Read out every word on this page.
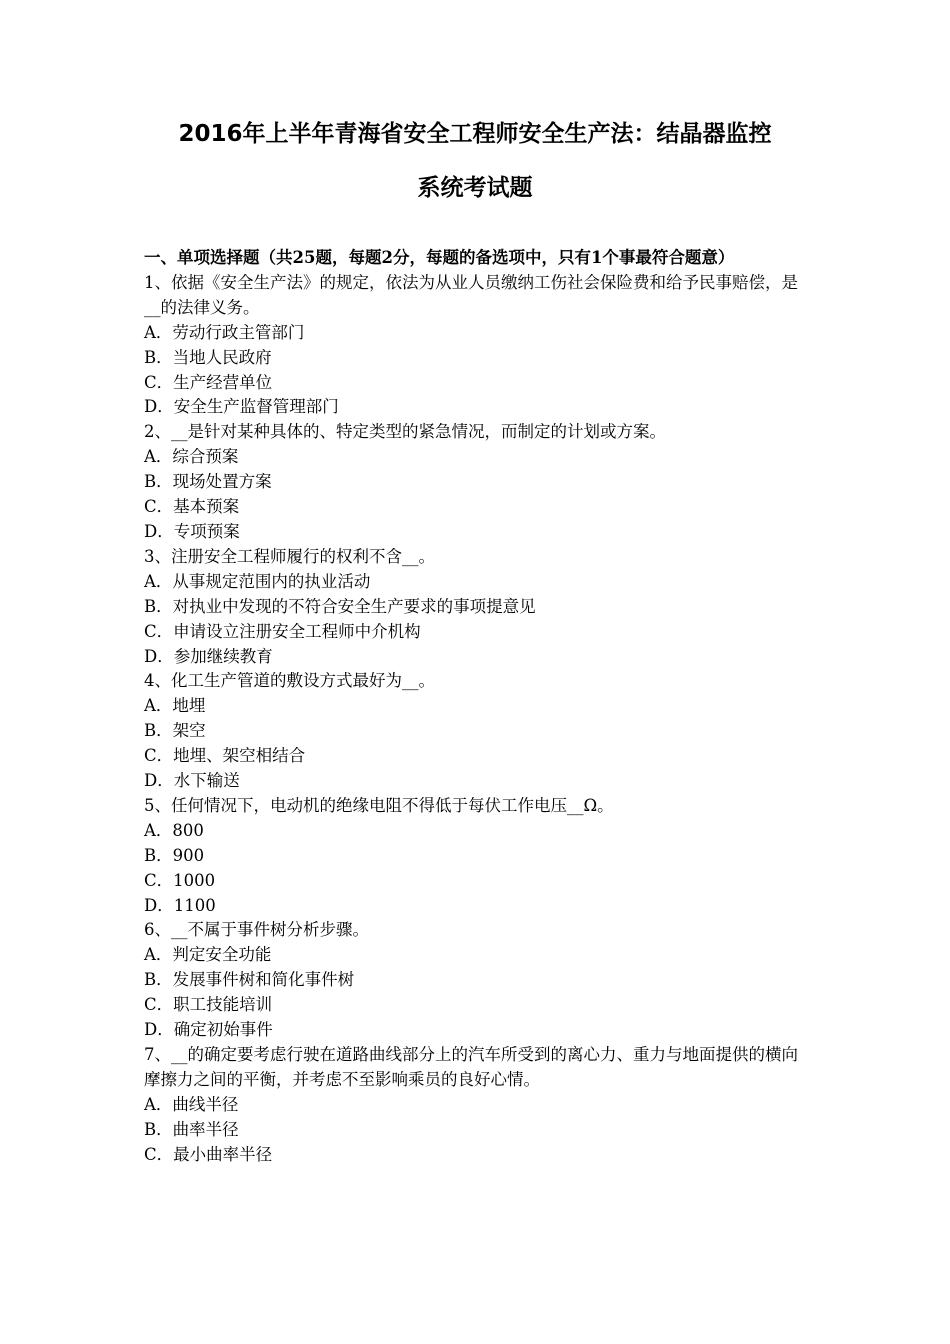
2016年上半年青海省安全工程师安全生产法：结晶器监控
系统考试题

一、单项选择题（共25题，每题2分，每题的备选项中，只有1个事最符合题意）

1、依据《安全生产法》的规定，依法为从业人员缴纳工伤社会保险费和给予民事赔偿，是__的法律义务。

A．劳动行政主管部门

B．当地人民政府

C．生产经营单位

D．安全生产监督管理部门

2、__是针对某种具体的、特定类型的紧急情况，而制定的计划或方案。

A．综合预案

B．现场处置方案

C．基本预案

D．专项预案

3、注册安全工程师履行的权利不含__。

A．从事规定范围内的执业活动

B．对执业中发现的不符合安全生产要求的事项提意见

C．申请设立注册安全工程师中介机构

D．参加继续教育

4、化工生产管道的敷设方式最好为__。

A．地埋

B．架空

C．地埋、架空相结合

D．水下输送

5、任何情况下，电动机的绝缘电阻不得低于每伏工作电压__Ω。

A．800

B．900

C．1000

D．1100

6、__不属于事件树分析步骤。

A．判定安全功能

B．发展事件树和简化事件树

C．职工技能培训

D．确定初始事件

7、__的确定要考虑行驶在道路曲线部分上的汽车所受到的离心力、重力与地面提供的横向摩擦力之间的平衡，并考虑不至影响乘员的良好心情。

A．曲线半径

B．曲率半径

C．最小曲率半径
